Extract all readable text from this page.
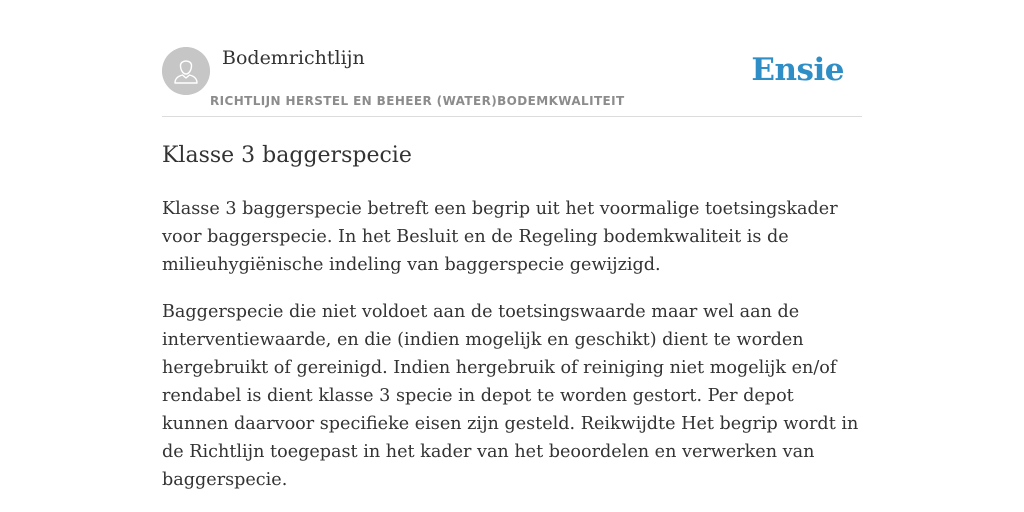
Bodemrichtlijn
RICHTLIJN HERSTEL EN BEHEER (WATER)BODEMKWALITEIT
Ensie
Klasse 3 baggerspecie

Klasse 3 baggerspecie betreft een begrip uit het voormalige toetsingskader voor baggerspecie. In het Besluit en de Regeling bodemkwaliteit is de milieuhygiënische indeling van baggerspecie gewijzigd.

Baggerspecie die niet voldoet aan de toetsingswaarde maar wel aan de interventiewaarde, en die (indien mogelijk en geschikt) dient te worden hergebruikt of gereinigd. Indien hergebruik of reiniging niet mogelijk en/of rendabel is dient klasse 3 specie in depot te worden gestort. Per depot kunnen daarvoor specifieke eisen zijn gesteld. Reikwijdte Het begrip wordt in de Richtlijn toegepast in het kader van het beoordelen en verwerken van baggerspecie.
